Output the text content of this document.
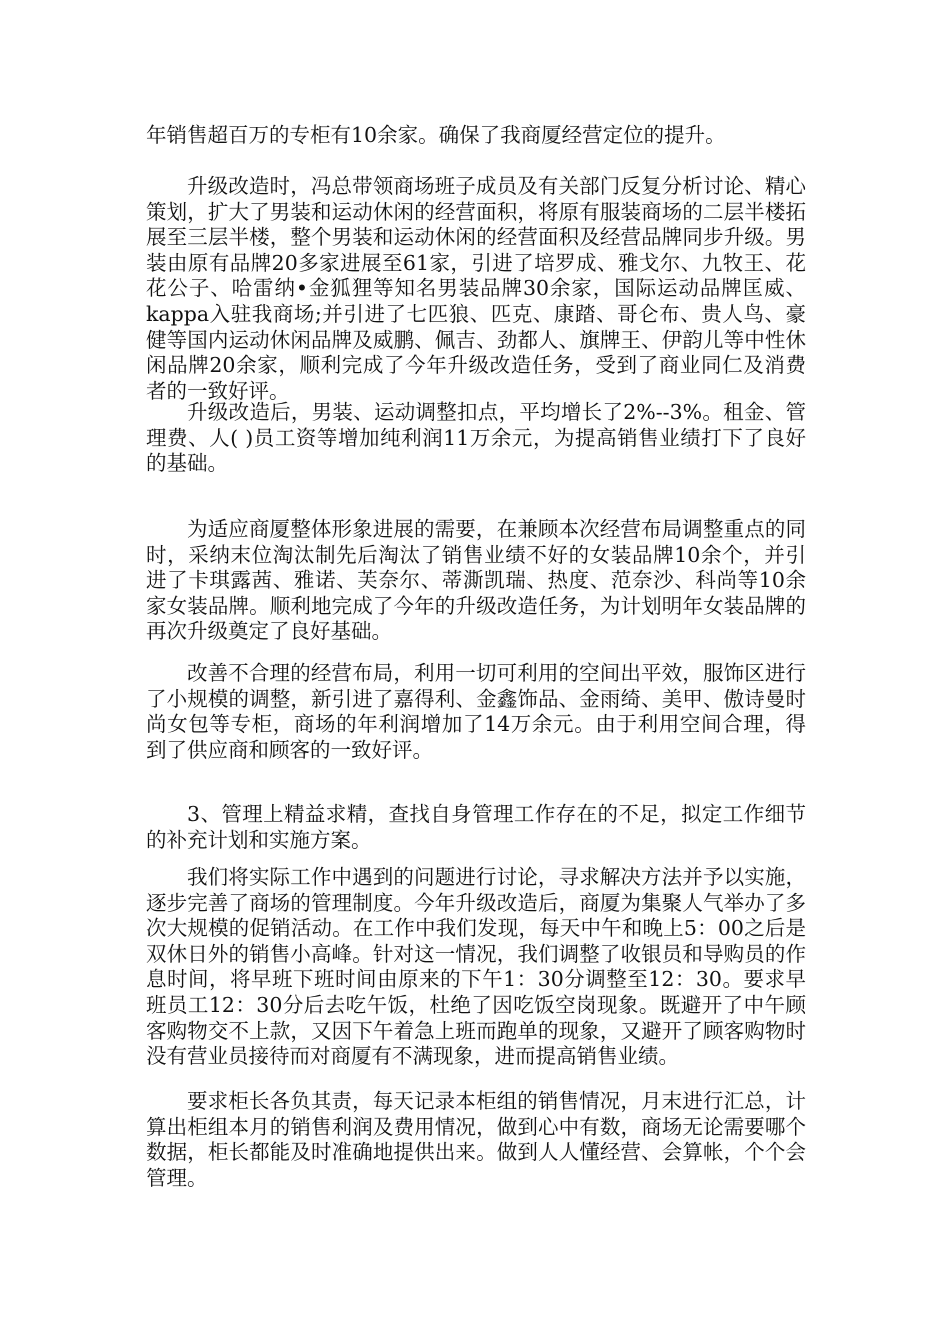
年销售超百万的专柜有10余家。确保了我商厦经营定位的提升。

升级改造时，冯总带领商场班子成员及有关部门反复分析讨论、精心策划，扩大了男装和运动休闲的经营面积，将原有服装商场的二层半楼拓展至三层半楼，整个男装和运动休闲的经营面积及经营品牌同步升级。男装由原有品牌20多家进展至61家，引进了培罗成、雅戈尔、九牧王、花花公子、哈雷纳•金狐狸等知名男装品牌30余家，国际运动品牌匡威、kappa入驻我商场;并引进了七匹狼、匹克、康踏、哥仑布、贵人鸟、豪健等国内运动休闲品牌及威鹏、佩吉、劲都人、旗牌王、伊韵儿等中性休闲品牌20余家，顺利完成了今年升级改造任务，受到了商业同仁及消费者的一致好评。

升级改造后，男装、运动调整扣点，平均增长了2%--3%。租金、管理费、人( )员工资等增加纯利润11万余元，为提高销售业绩打下了良好的基础。

为适应商厦整体形象进展的需要，在兼顾本次经营布局调整重点的同时，采纳末位淘汰制先后淘汰了销售业绩不好的女装品牌10余个，并引进了卡琪露茜、雅诺、芙奈尔、蒂澌凯瑞、热度、范奈沙、科尚等10余家女装品牌。顺利地完成了今年的升级改造任务，为计划明年女装品牌的再次升级奠定了良好基础。

改善不合理的经营布局，利用一切可利用的空间出平效，服饰区进行了小规模的调整，新引进了嘉得利、金鑫饰品、金雨绮、美甲、傲诗曼时尚女包等专柜，商场的年利润增加了14万余元。由于利用空间合理，得到了供应商和顾客的一致好评。

3、管理上精益求精，查找自身管理工作存在的不足，拟定工作细节的补充计划和实施方案。

我们将实际工作中遇到的问题进行讨论，寻求解决方法并予以实施，逐步完善了商场的管理制度。今年升级改造后，商厦为集聚人气举办了多次大规模的促销活动。在工作中我们发现，每天中午和晚上5：00之后是双休日外的销售小高峰。针对这一情况，我们调整了收银员和导购员的作息时间，将早班下班时间由原来的下午1：30分调整至12：30。要求早班员工12：30分后去吃午饭，杜绝了因吃饭空岗现象。既避开了中午顾客购物交不上款，又因下午着急上班而跑单的现象，又避开了顾客购物时没有营业员接待而对商厦有不满现象，进而提高销售业绩。

要求柜长各负其责，每天记录本柜组的销售情况，月末进行汇总，计算出柜组本月的销售利润及费用情况，做到心中有数，商场无论需要哪个数据，柜长都能及时准确地提供出来。做到人人懂经营、会算帐，个个会管理。
